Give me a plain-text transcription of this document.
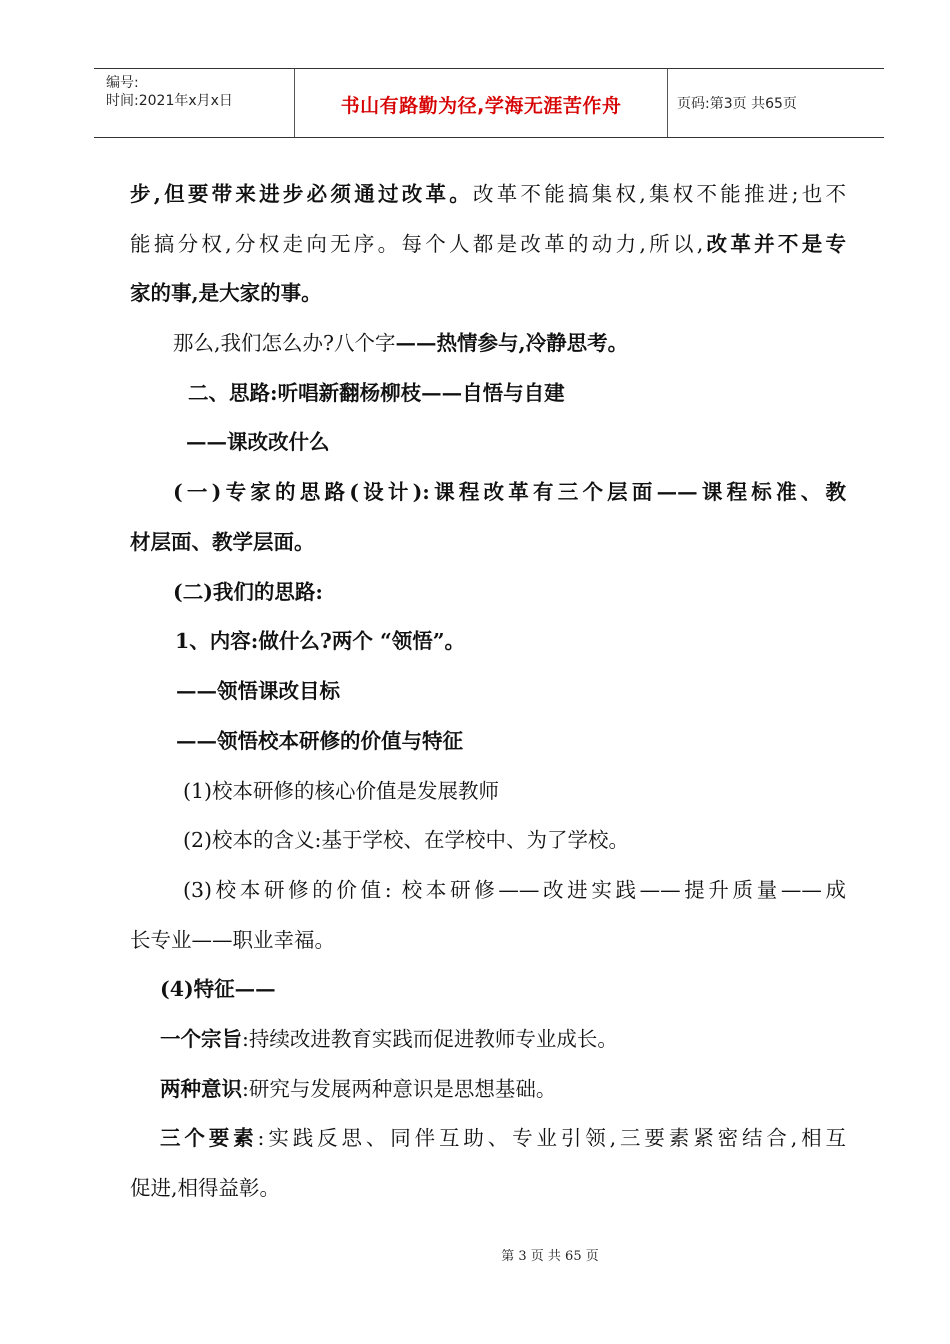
编号:
时间:2021年x月x日	书山有路勤为径,学海无涯苦作舟	页码:第3页 共65页
步,但要带来进步必须通过改革。改革不能搞集权,集权不能推进;也不
能搞分权,分权走向无序。每个人都是改革的动力,所以,改革并不是专
家的事,是大家的事。
那么,我们怎么办?八个字——热情参与,冷静思考。
二、思路:听唱新翻杨柳枝——自悟与自建
——课改改什么
(一)专家的思路(设计):课程改革有三个层面——课程标准、教
材层面、教学层面。
(二)我们的思路:
1、内容:做什么?两个 “领悟”。
——领悟课改目标
——领悟校本研修的价值与特征
(1)校本研修的核心价值是发展教师
(2)校本的含义:基于学校、在学校中、为了学校。
(3)校本研修的价值: 校本研修——改进实践——提升质量——成
长专业——职业幸福。
(4)特征——
一个宗旨:持续改进教育实践而促进教师专业成长。
两种意识:研究与发展两种意识是思想基础。
三个要素:实践反思、同伴互助、专业引领,三要素紧密结合,相互
促进,相得益彰。
第 3 页 共 65 页
